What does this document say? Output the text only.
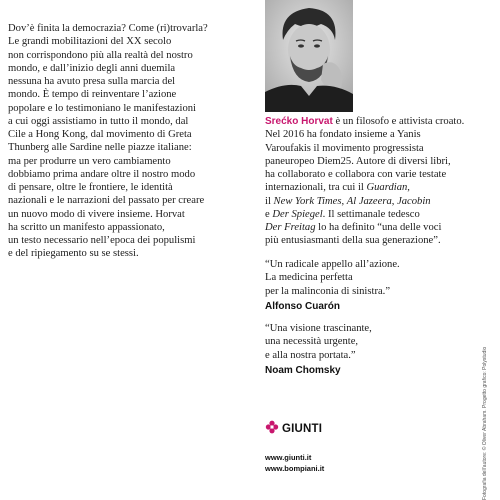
Dov’è finita la democrazia? Come (ri)trovarla?
Le grandi mobilitazioni del XX secolo
non corrispondono più alla realtà del nostro
mondo, e dall’inizio degli anni duemila
nessuna ha avuto presa sulla marcia del
mondo. È tempo di reinventare l’azione
popolare e lo testimoniano le manifestazioni
a cui oggi assistiamo in tutto il mondo, dal
Cile a Hong Kong, dal movimento di Greta
Thunberg alle Sardine nelle piazze italiane:
ma per produrre un vero cambiamento
dobbiamo prima andare oltre il nostro modo
di pensare, oltre le frontiere, le identità
nazionali e le narrazioni del passato per creare
un nuovo modo di vivere insieme. Horvat
ha scritto un manifesto appassionato,
un testo necessario nell’epoca dei populismi
e del ripiegamento su se stessi.
Srećko Horvat è un filosofo e attivista croato.
Nel 2016 ha fondato insieme a Yanis
Varoufakis il movimento progressista
paneuropeo Diem25. Autore di diversi libri,
ha collaborato e collabora con varie testate
internazionali, tra cui il Guardian,
il New York Times, Al Jazeera, Jacobin
e Der Spiegel. Il settimanale tedesco
Der Freitag lo ha definito “una delle voci
più entusiasmanti della sua generazione”.
“Un radicale appello all’azione.
La medicina perfetta
per la malinconia di sinistra.”
Alfonso Cuarón
“Una visione trascinante,
una necessità urgente,
e alla nostra portata.”
Noam Chomsky
GIUNTI
www.giunti.it
www.bompiani.it	Fotografia dell’autore: © Oliver Abraham. Progetto grafico: Polystudio
